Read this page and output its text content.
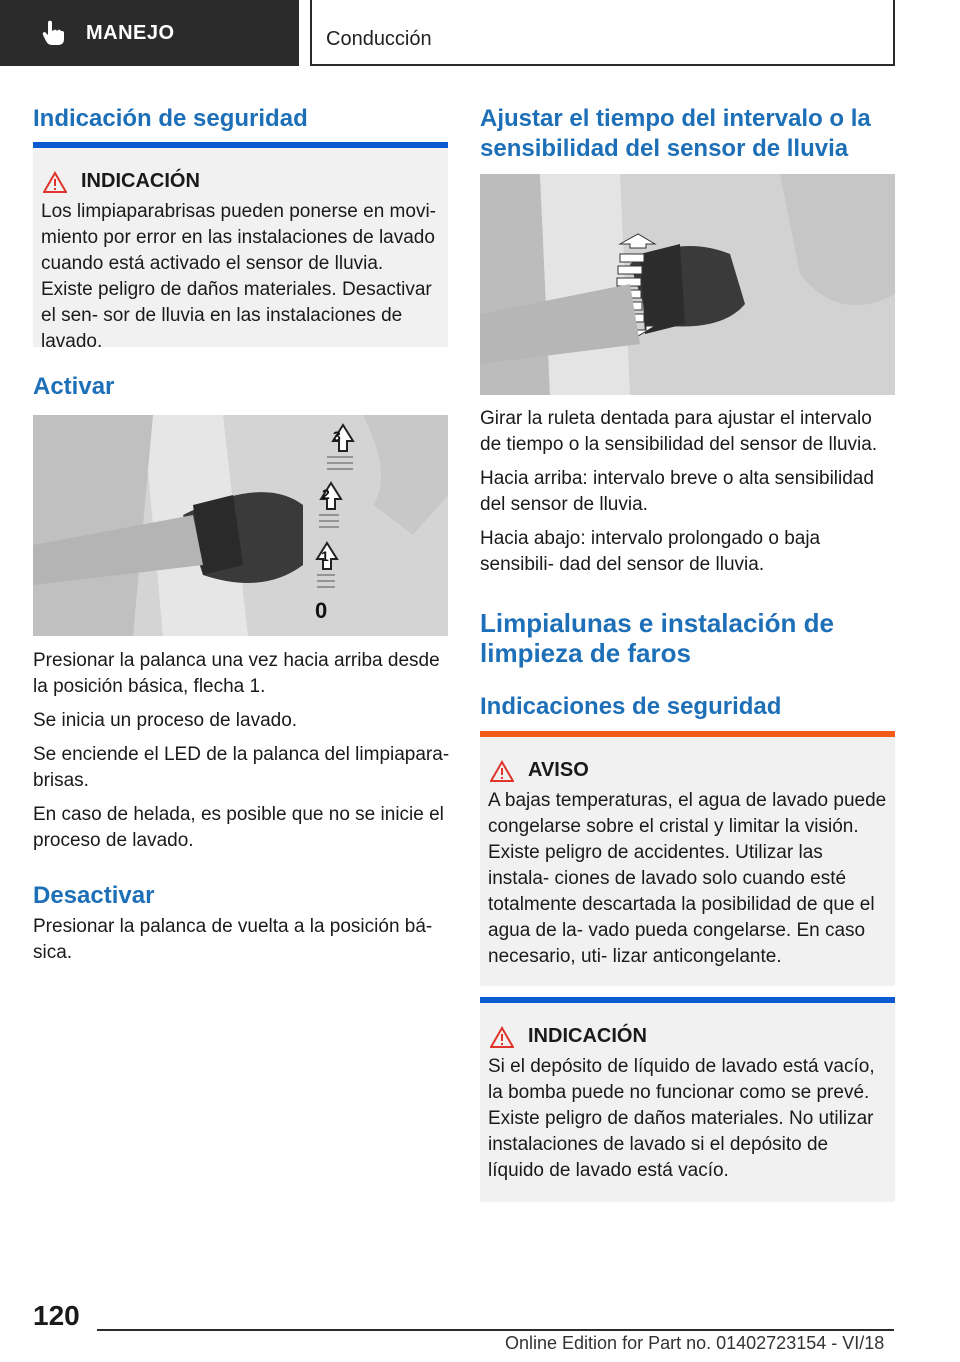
MANEJO	Conducción
Indicación de seguridad
INDICACIÓN

Los limpiaparabrisas pueden ponerse en movi- miento por error en las instalaciones de lavado cuando está activado el sensor de lluvia. Existe peligro de daños materiales. Desactivar el sen- sor de lluvia en las instalaciones de lavado.

Activar
3
2
1
0

Presionar la palanca una vez hacia arriba desde la posición básica, flecha 1.

Se inicia un proceso de lavado.

Se enciende el LED de la palanca del limpiapara- brisas.

En caso de helada, es posible que no se inicie el proceso de lavado.

Desactivar

Presionar la palanca de vuelta a la posición bá- sica.

Ajustar el tiempo del intervalo o la sensibilidad del sensor de lluvia

Girar la ruleta dentada para ajustar el intervalo de tiempo o la sensibilidad del sensor de lluvia.

Hacia arriba: intervalo breve o alta sensibilidad del sensor de lluvia.

Hacia abajo: intervalo prolongado o baja sensibili- dad del sensor de lluvia.

Limpialunas e instalación de limpieza de faros
Indicaciones de seguridad
AVISO

A bajas temperaturas, el agua de lavado puede congelarse sobre el cristal y limitar la visión. Existe peligro de accidentes. Utilizar las instala- ciones de lavado solo cuando esté totalmente descartada la posibilidad de que el agua de la- vado pueda congelarse. En caso necesario, uti- lizar anticongelante.

INDICACIÓN

Si el depósito de líquido de lavado está vacío, la bomba puede no funcionar como se prevé. Existe peligro de daños materiales. No utilizar instalaciones de lavado si el depósito de líquido de lavado está vacío.

120
Online Edition for Part no. 01402723154 - VI/18
